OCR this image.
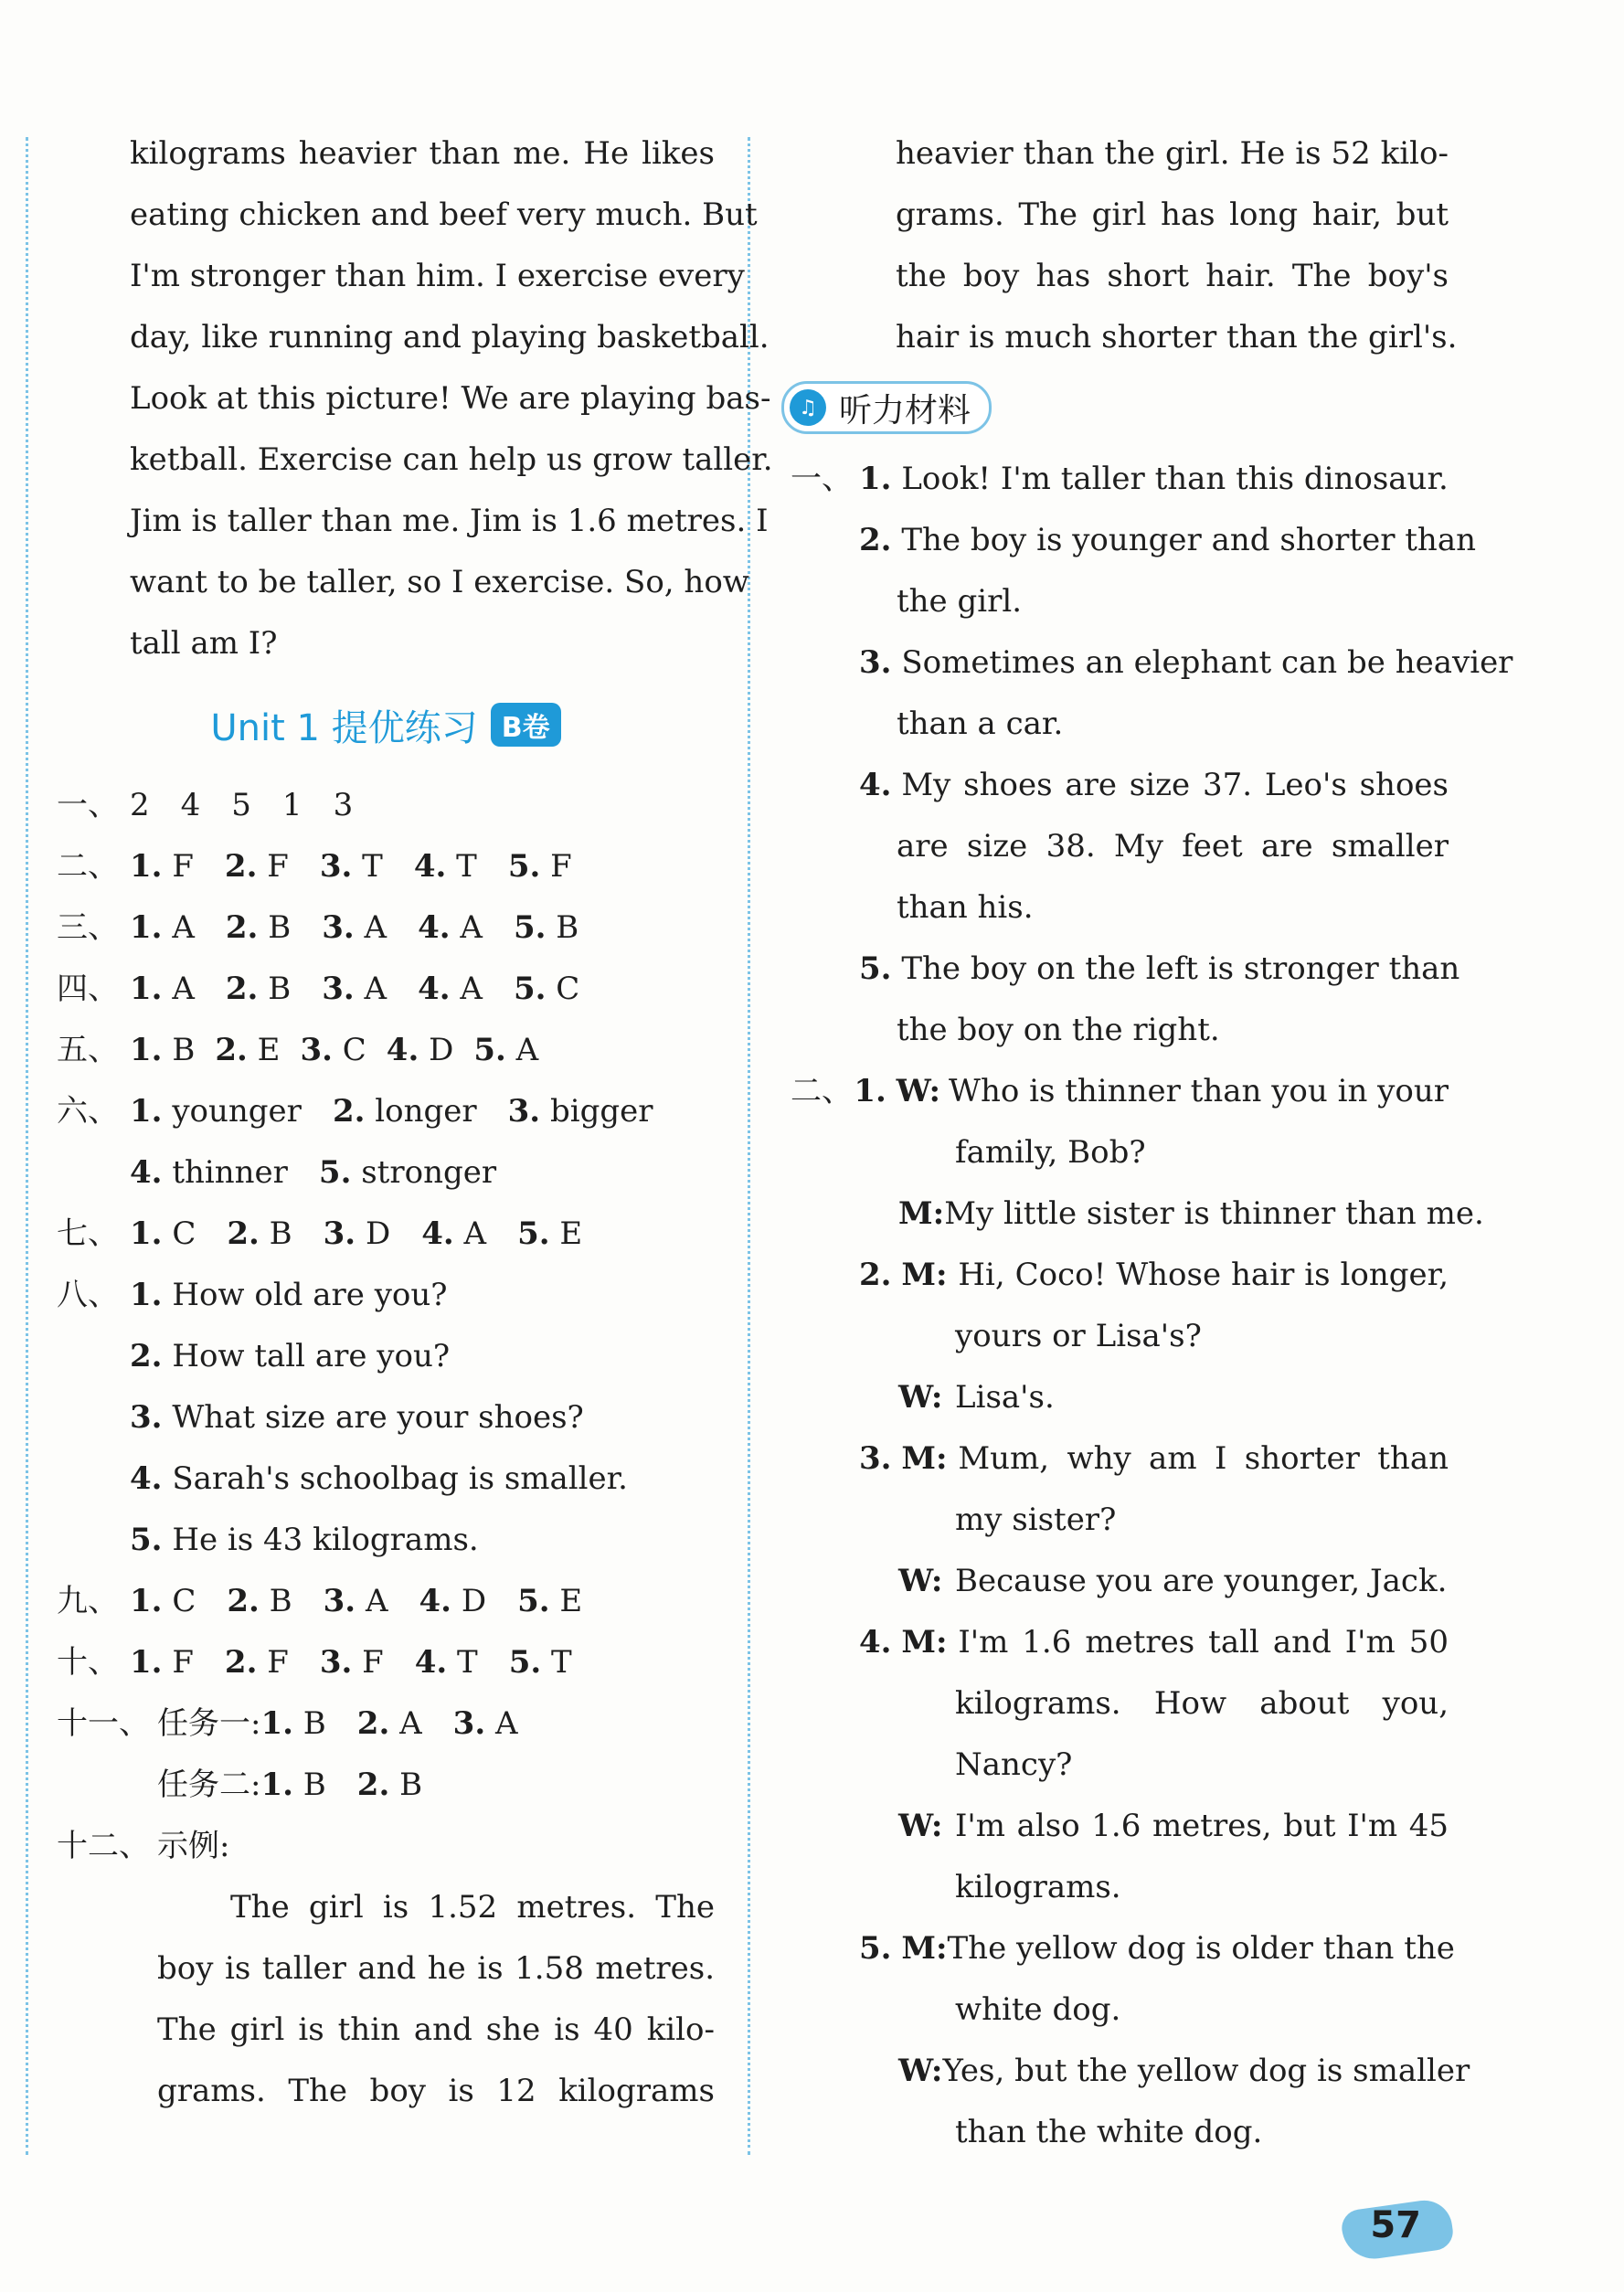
kilograms heavier than me. He likes
eating chicken and beef very much. But
I'm stronger than him. I exercise every
day, like running and playing basketball.
Look at this picture! We are playing bas-
ketball. Exercise can help us grow taller.
Jim is taller than me. Jim is 1.6 metres. I
want to be taller, so I exercise. So, how
tall am I?
Unit 1 提优练习 B卷
一、 2 4 5 1 3
二、 1.
F 2.
F 3.
T 4.
T 5.
F
三、 1.
A 2.
B 3.
A 4.
A 5.
B
四、 1.
A 2.
B 3.
A 4.
A 5.
C
五、 1.
B 2.
E 3.
C 4.
D 5.
A
六、 1.
younger 2.
longer 3.
bigger
4.
thinner 5.
stronger
七、 1.
C 2.
B 3.
D 4.
A 5.
E
八、 1.
How old are you?
2. How tall are you?
3. What size are your shoes?
4. Sarah's schoolbag is smaller.
5. He is 43 kilograms.
九、 1.
C 2.
B 3.
A 4.
D 5.
E
十、 1.
F 2.
F 3.
F 4.
T 5.
T
十一、 任务一: 1.
B 2.
A 3.
A
任务二: 1.
B 2.
B
十二、 示例:
The girl is 1.52 metres. The
boy is taller and he is 1.58 metres.
The girl is thin and she is 40 kilo-
grams. The boy is 12 kilograms
heavier than the girl. He is 52 kilo-
grams. The girl has long hair, but
the boy has short hair. The boy's
hair is much shorter than the girl's.
♫ 听力材料
一、 1.
Look! I'm taller than this dinosaur.
2.
The boy is younger and shorter than
the girl.
3.
Sometimes an elephant can be heavier
than a car.
4.
My shoes are size 37. Leo's shoes
are size 38. My feet are smaller
than his.
5.
The boy on the left is stronger than
the boy on the right.
二、 1.
W: Who is thinner than you in your
family, Bob?
M: My little sister is thinner than me.
2.
M: Hi, Coco! Whose hair is longer,
yours or Lisa's?
W: Lisa's.
3.
M: Mum, why am I shorter than
my sister?
W: Because you are younger, Jack.
4.
M: I'm 1.6 metres tall and I'm 50
kilograms. How about you,
Nancy?
W: I'm also 1.6 metres, but I'm 45
kilograms.
5.
M: The yellow dog is older than the
white dog.
W: Yes, but the yellow dog is smaller
than the white dog.
57
